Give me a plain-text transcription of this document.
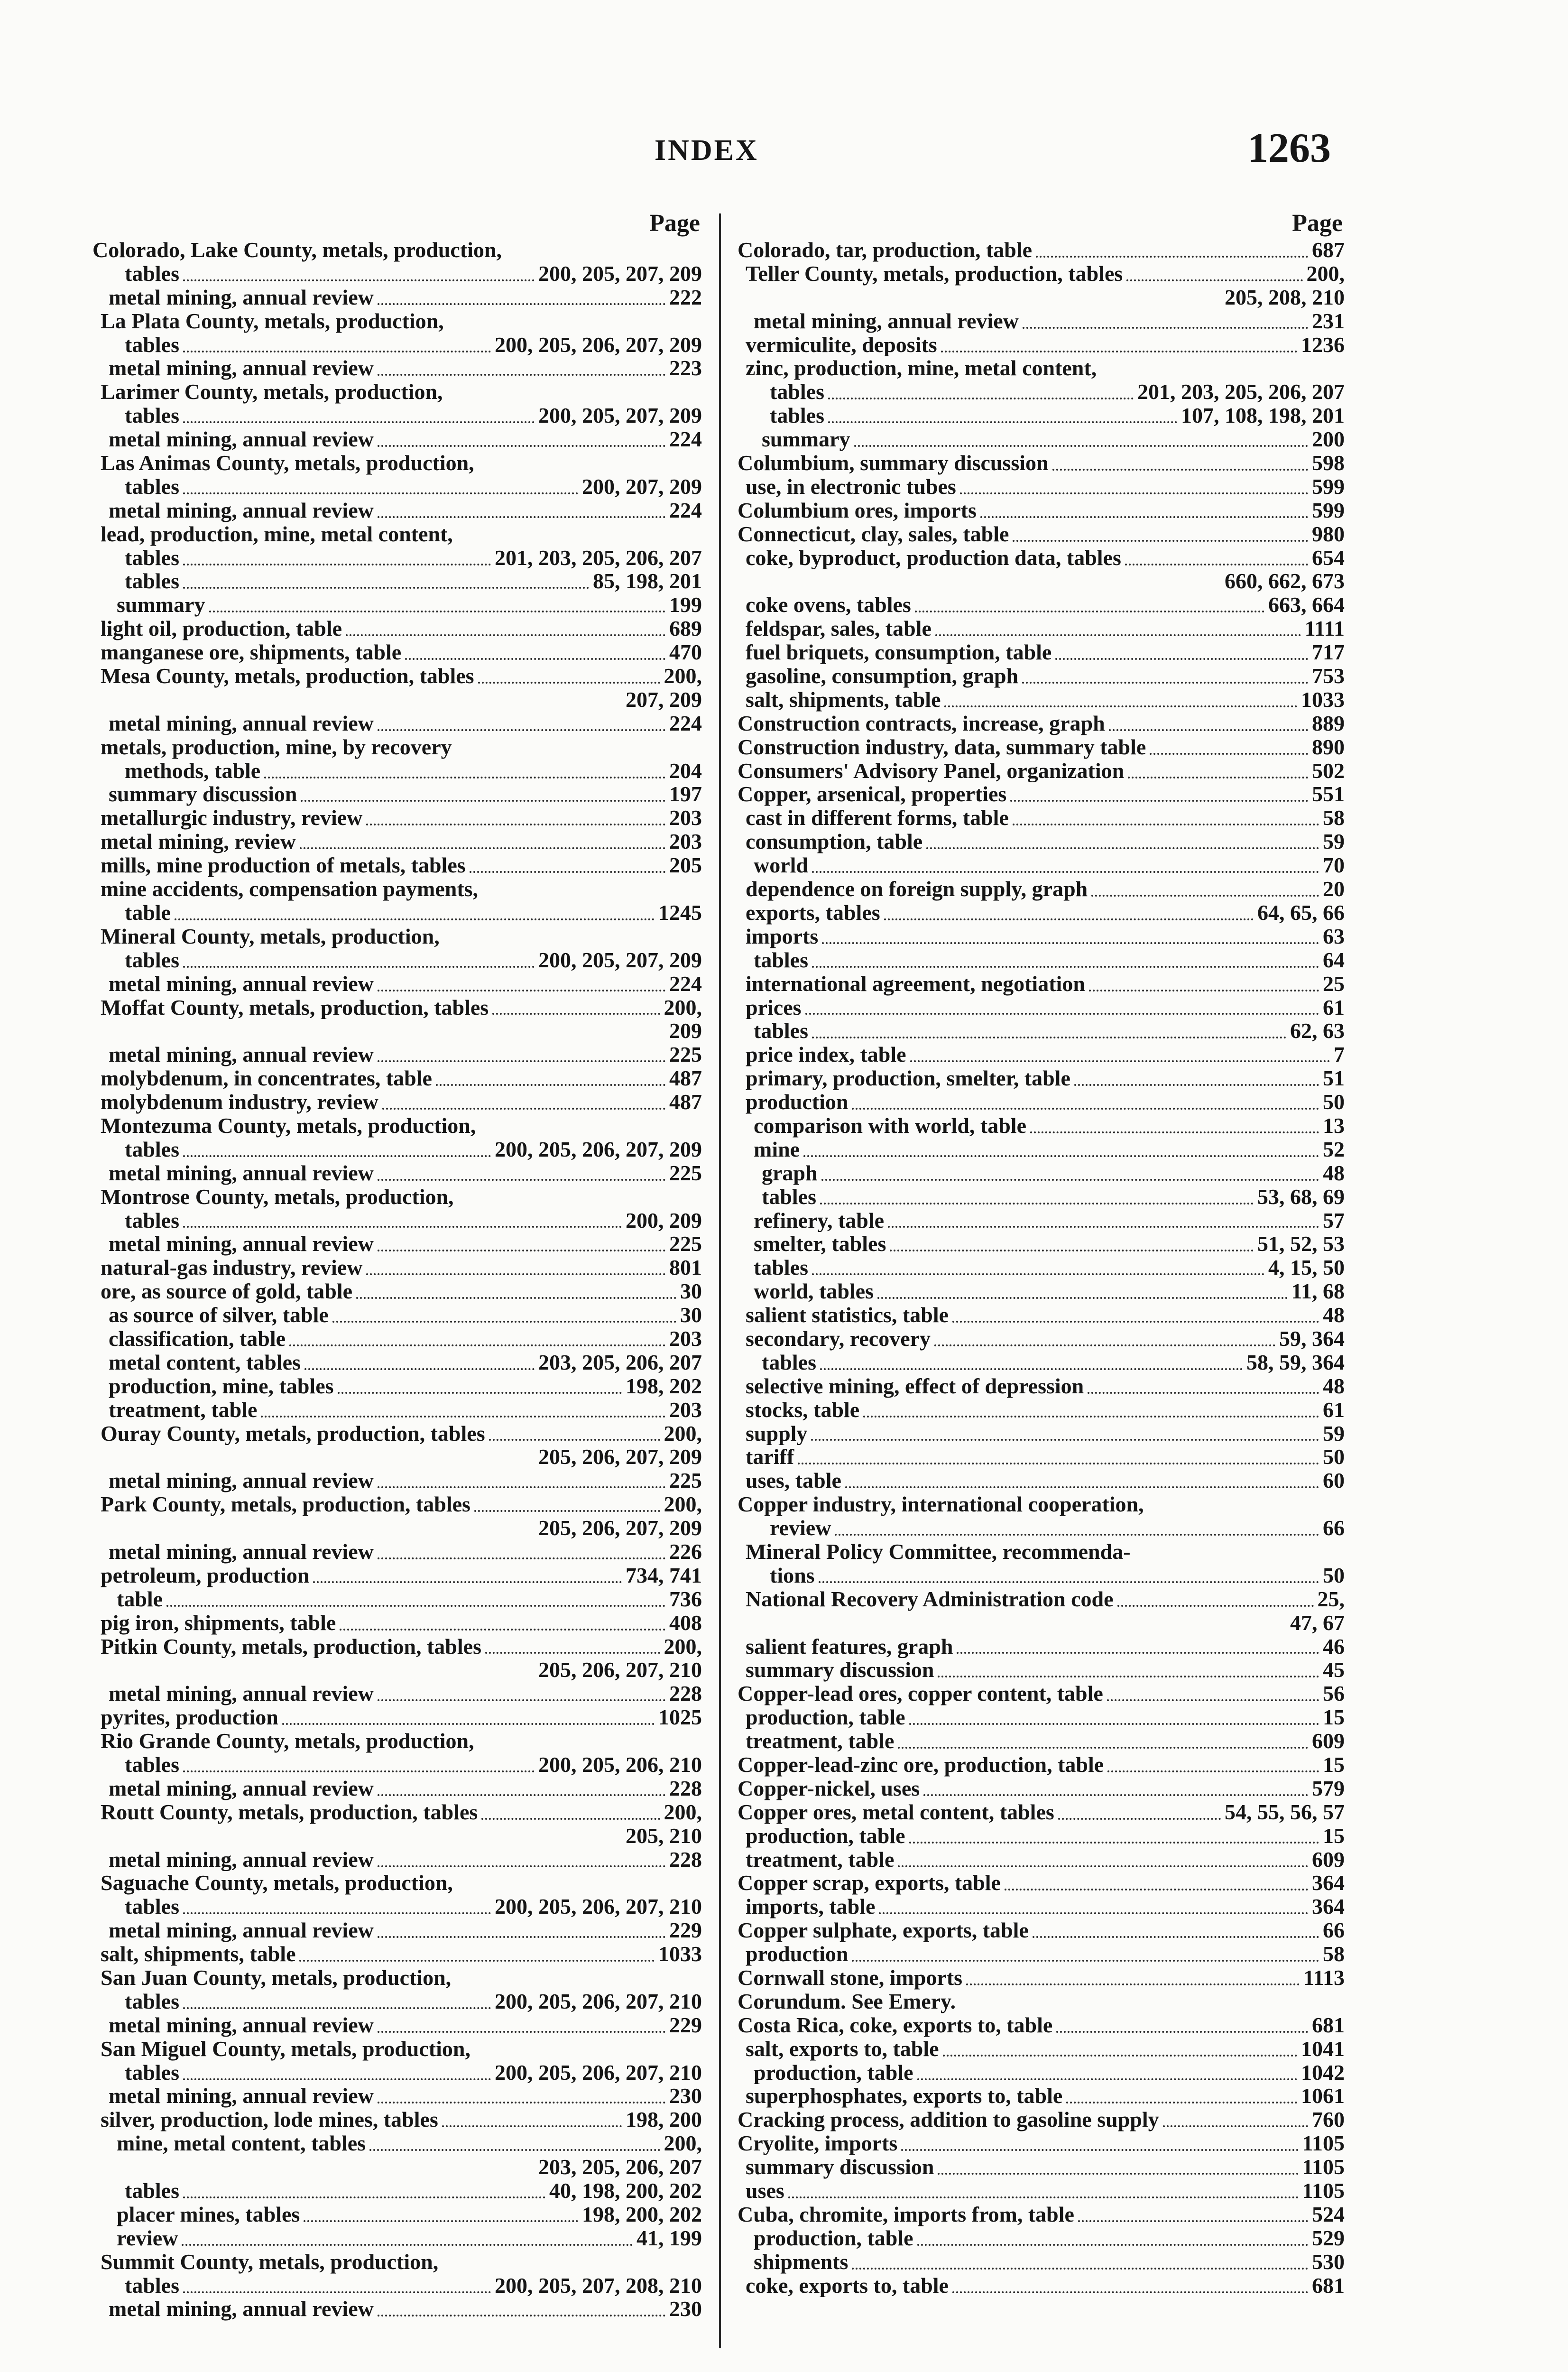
INDEX	1263
Page
Colorado, Lake County, metals, production,
tables	200, 205, 207, 209
metal mining, annual review	222
La Plata County, metals, production,
tables	200, 205, 206, 207, 209
metal mining, annual review	223
Larimer County, metals, production,
tables	200, 205, 207, 209
metal mining, annual review	224
Las Animas County, metals, production,
tables	200, 207, 209
metal mining, annual review	224
lead, production, mine, metal content,
tables	201, 203, 205, 206, 207
tables	85, 198, 201
summary	199
light oil, production, table	689
manganese ore, shipments, table	470
Mesa County, metals, production, tables	200,
207, 209
metal mining, annual review	224
metals, production, mine, by recovery
methods, table	204
summary discussion	197
metallurgic industry, review	203
metal mining, review	203
mills, mine production of metals, tables	205
mine accidents, compensation payments,
table	1245
Mineral County, metals, production,
tables	200, 205, 207, 209
metal mining, annual review	224
Moffat County, metals, production, tables	200,
209
metal mining, annual review	225
molybdenum, in concentrates, table	487
molybdenum industry, review	487
Montezuma County, metals, production,
tables	200, 205, 206, 207, 209
metal mining, annual review	225
Montrose County, metals, production,
tables	200, 209
metal mining, annual review	225
natural-gas industry, review	801
ore, as source of gold, table	30
as source of silver, table	30
classification, table	203
metal content, tables	203, 205, 206, 207
production, mine, tables	198, 202
treatment, table	203
Ouray County, metals, production, tables	200,
205, 206, 207, 209
metal mining, annual review	225
Park County, metals, production, tables	200,
205, 206, 207, 209
metal mining, annual review	226
petroleum, production	734, 741
table	736
pig iron, shipments, table	408
Pitkin County, metals, production, tables	200,
205, 206, 207, 210
metal mining, annual review	228
pyrites, production	1025
Rio Grande County, metals, production,
tables	200, 205, 206, 210
metal mining, annual review	228
Routt County, metals, production, tables	200,
205, 210
metal mining, annual review	228
Saguache County, metals, production,
tables	200, 205, 206, 207, 210
metal mining, annual review	229
salt, shipments, table	1033
San Juan County, metals, production,
tables	200, 205, 206, 207, 210
metal mining, annual review	229
San Miguel County, metals, production,
tables	200, 205, 206, 207, 210
metal mining, annual review	230
silver, production, lode mines, tables	198, 200
mine, metal content, tables	200,
203, 205, 206, 207
tables	40, 198, 200, 202
placer mines, tables	198, 200, 202
review	41, 199
Summit County, metals, production,
tables	200, 205, 207, 208, 210
metal mining, annual review	230
Page
Colorado, tar, production, table	687
Teller County, metals, production, tables	200,
205, 208, 210
metal mining, annual review	231
vermiculite, deposits	1236
zinc, production, mine, metal content,
tables	201, 203, 205, 206, 207
tables	107, 108, 198, 201
summary	200
Columbium, summary discussion	598
use, in electronic tubes	599
Columbium ores, imports	599
Connecticut, clay, sales, table	980
coke, byproduct, production data, tables	654
660, 662, 673
coke ovens, tables	663, 664
feldspar, sales, table	1111
fuel briquets, consumption, table	717
gasoline, consumption, graph	753
salt, shipments, table	1033
Construction contracts, increase, graph	889
Construction industry, data, summary table	890
Consumers' Advisory Panel, organization	502
Copper, arsenical, properties	551
cast in different forms, table	58
consumption, table	59
world	70
dependence on foreign supply, graph	20
exports, tables	64, 65, 66
imports	63
tables	64
international agreement, negotiation	25
prices	61
tables	62, 63
price index, table	7
primary, production, smelter, table	51
production	50
comparison with world, table	13
mine	52
graph	48
tables	53, 68, 69
refinery, table	57
smelter, tables	51, 52, 53
tables	4, 15, 50
world, tables	11, 68
salient statistics, table	48
secondary, recovery	59, 364
tables	58, 59, 364
selective mining, effect of depression	48
stocks, table	61
supply	59
tariff	50
uses, table	60
Copper industry, international cooperation,
review	66
Mineral Policy Committee, recommenda-
tions	50
National Recovery Administration code	25,
47, 67
salient features, graph	46
summary discussion	45
Copper-lead ores, copper content, table	56
production, table	15
treatment, table	609
Copper-lead-zinc ore, production, table	15
Copper-nickel, uses	579
Copper ores, metal content, tables	54, 55, 56, 57
production, table	15
treatment, table	609
Copper scrap, exports, table	364
imports, table	364
Copper sulphate, exports, table	66
production	58
Cornwall stone, imports	1113
Corundum. See Emery.
Costa Rica, coke, exports to, table	681
salt, exports to, table	1041
production, table	1042
superphosphates, exports to, table	1061
Cracking process, addition to gasoline supply	760
Cryolite, imports	1105
summary discussion	1105
uses	1105
Cuba, chromite, imports from, table	524
production, table	529
shipments	530
coke, exports to, table	681
